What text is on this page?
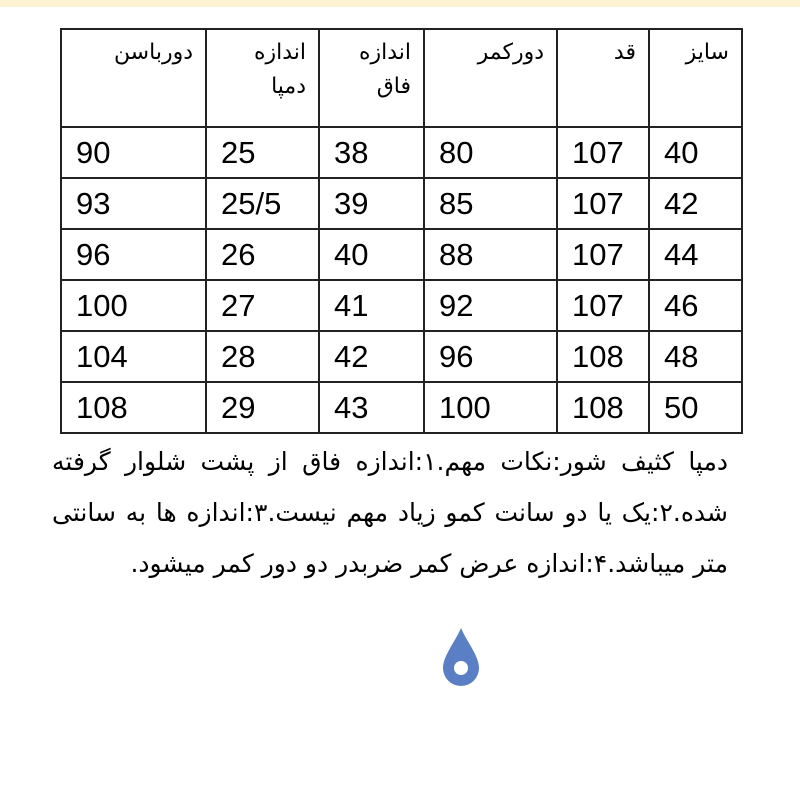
دورباسن	اندازه دمپا	اندازه فاق	دورکمر	قد	سایز
90	25	38	80	107	40
93	25/5	39	85	107	42
96	26	40	88	107	44
100	27	41	92	107	46
104	28	42	96	108	48
108	29	43	100	108	50
دمپا کثیف شور:نکات مهم.۱:اندازه فاق از پشت شلوار گرفته شده.۲:یک یا دو سانت کمو زیاد مهم نیست.۳:اندازه ها به سانتی متر میباشد.۴:اندازه عرض کمر ضربدر دو دور کمر میشود.
